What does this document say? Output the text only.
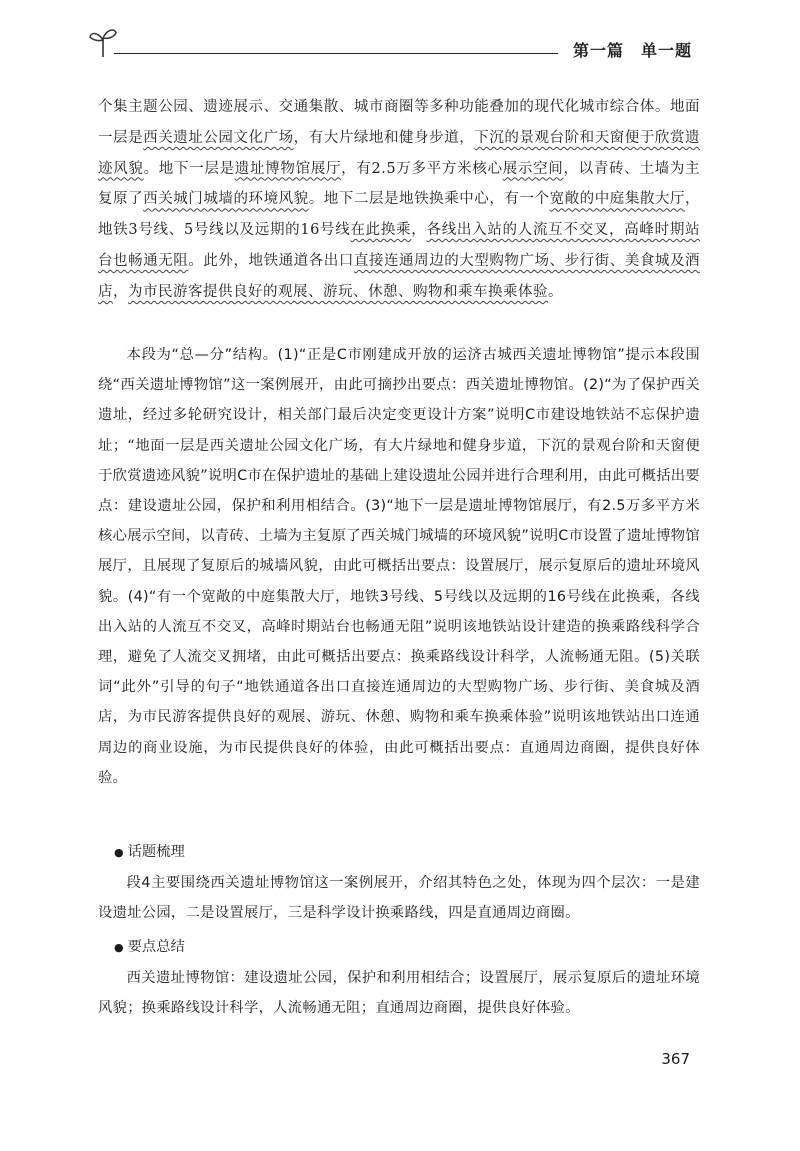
第一篇　单一题
个集主题公园、遗迹展示、交通集散、城市商圈等多种功能叠加的现代化城市综合体。地面一层是西关遗址公园文化广场，有大片绿地和健身步道，下沉的景观台阶和天窗便于欣赏遗迹风貌。地下一层是遗址博物馆展厅，有2.5万多平方米核心展示空间，以青砖、土墙为主复原了西关城门城墙的环境风貌。地下二层是地铁换乘中心，有一个宽敞的中庭集散大厅，地铁3号线、5号线以及远期的16号线在此换乘，各线出入站的人流互不交叉，高峰时期站台也畅通无阻。此外，地铁通道各出口直接连通周边的大型购物广场、步行街、美食城及酒店，为市民游客提供良好的观展、游玩、休憩、购物和乘车换乘体验。

本段为“总—分”结构。(1)“正是C市刚建成开放的运济古城西关遗址博物馆”提示本段围绕“西关遗址博物馆”这一案例展开，由此可摘抄出要点：西关遗址博物馆。(2)“为了保护西关遗址，经过多轮研究设计，相关部门最后决定变更设计方案”说明C市建设地铁站不忘保护遗址；“地面一层是西关遗址公园文化广场，有大片绿地和健身步道，下沉的景观台阶和天窗便于欣赏遗迹风貌”说明C市在保护遗址的基础上建设遗址公园并进行合理利用，由此可概括出要点：建设遗址公园，保护和利用相结合。(3)“地下一层是遗址博物馆展厅，有2.5万多平方米核心展示空间，以青砖、土墙为主复原了西关城门城墙的环境风貌”说明C市设置了遗址博物馆展厅，且展现了复原后的城墙风貌，由此可概括出要点：设置展厅，展示复原后的遗址环境风貌。(4)“有一个宽敞的中庭集散大厅，地铁3号线、5号线以及远期的16号线在此换乘，各线出入站的人流互不交叉，高峰时期站台也畅通无阻”说明该地铁站设计建造的换乘路线科学合理，避免了人流交叉拥堵，由此可概括出要点：换乘路线设计科学，人流畅通无阻。(5)关联词“此外”引导的句子“地铁通道各出口直接连通周边的大型购物广场、步行街、美食城及酒店，为市民游客提供良好的观展、游玩、休憩、购物和乘车换乘体验”说明该地铁站出口连通周边的商业设施，为市民提供良好的体验，由此可概括出要点：直通周边商圈，提供良好体验。

● 话题梳理

段4主要围绕西关遗址博物馆这一案例展开，介绍其特色之处，体现为四个层次：一是建设遗址公园，二是设置展厅，三是科学设计换乘路线，四是直通周边商圈。

● 要点总结

西关遗址博物馆：建设遗址公园，保护和利用相结合；设置展厅，展示复原后的遗址环境风貌；换乘路线设计科学，人流畅通无阻；直通周边商圈，提供良好体验。

367
